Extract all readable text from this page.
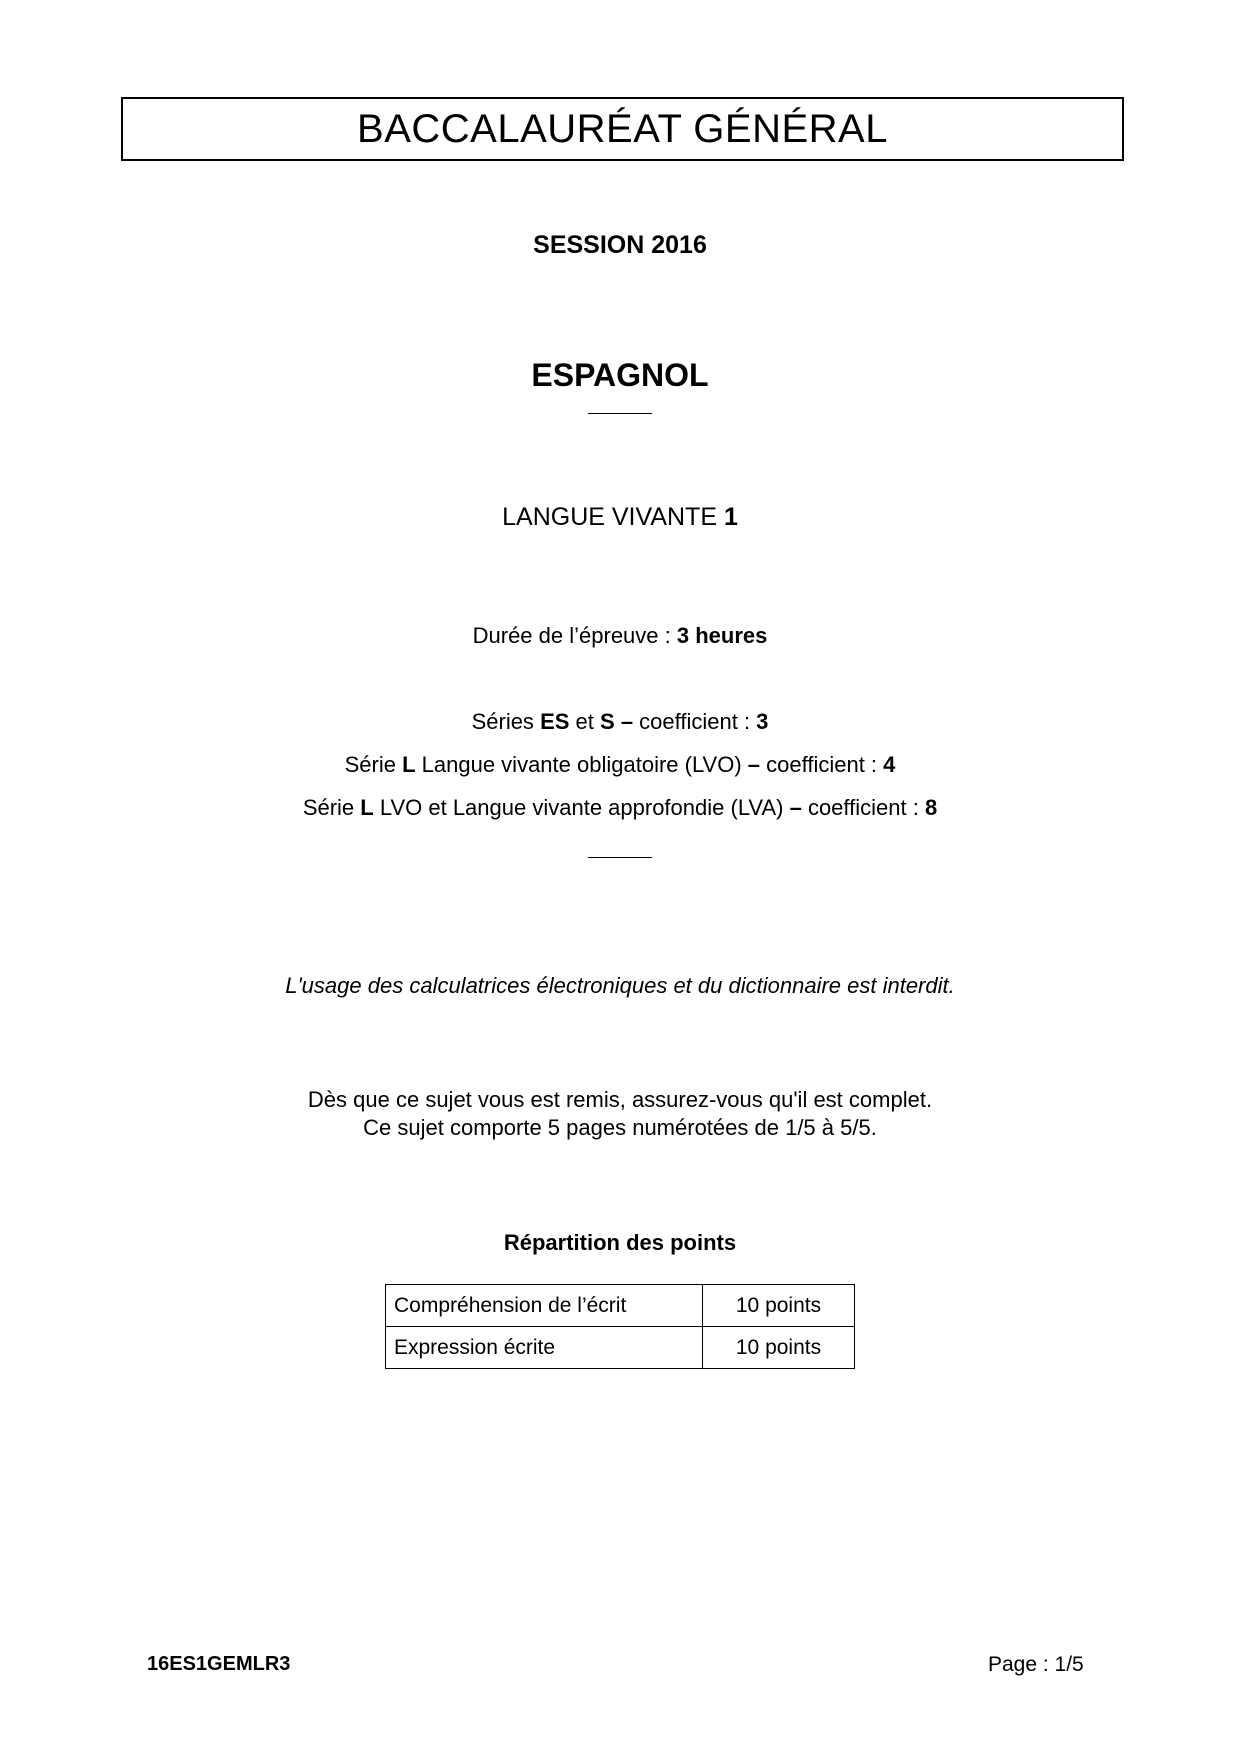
BACCALAURÉAT GÉNÉRAL
SESSION 2016
ESPAGNOL
LANGUE VIVANTE 1
Durée de l’épreuve : 3 heures
Séries ES et S – coefficient : 3
Série L Langue vivante obligatoire (LVO) – coefficient : 4
Série L LVO et Langue vivante approfondie (LVA) – coefficient : 8
L'usage des calculatrices électroniques et du dictionnaire est interdit.
Dès que ce sujet vous est remis, assurez-vous qu'il est complet.
Ce sujet comporte 5 pages numérotées de 1/5 à 5/5.
Répartition des points
Compréhension de l’écrit	10 points
Expression écrite	10 points
16ES1GEMLR3	Page : 1/5
